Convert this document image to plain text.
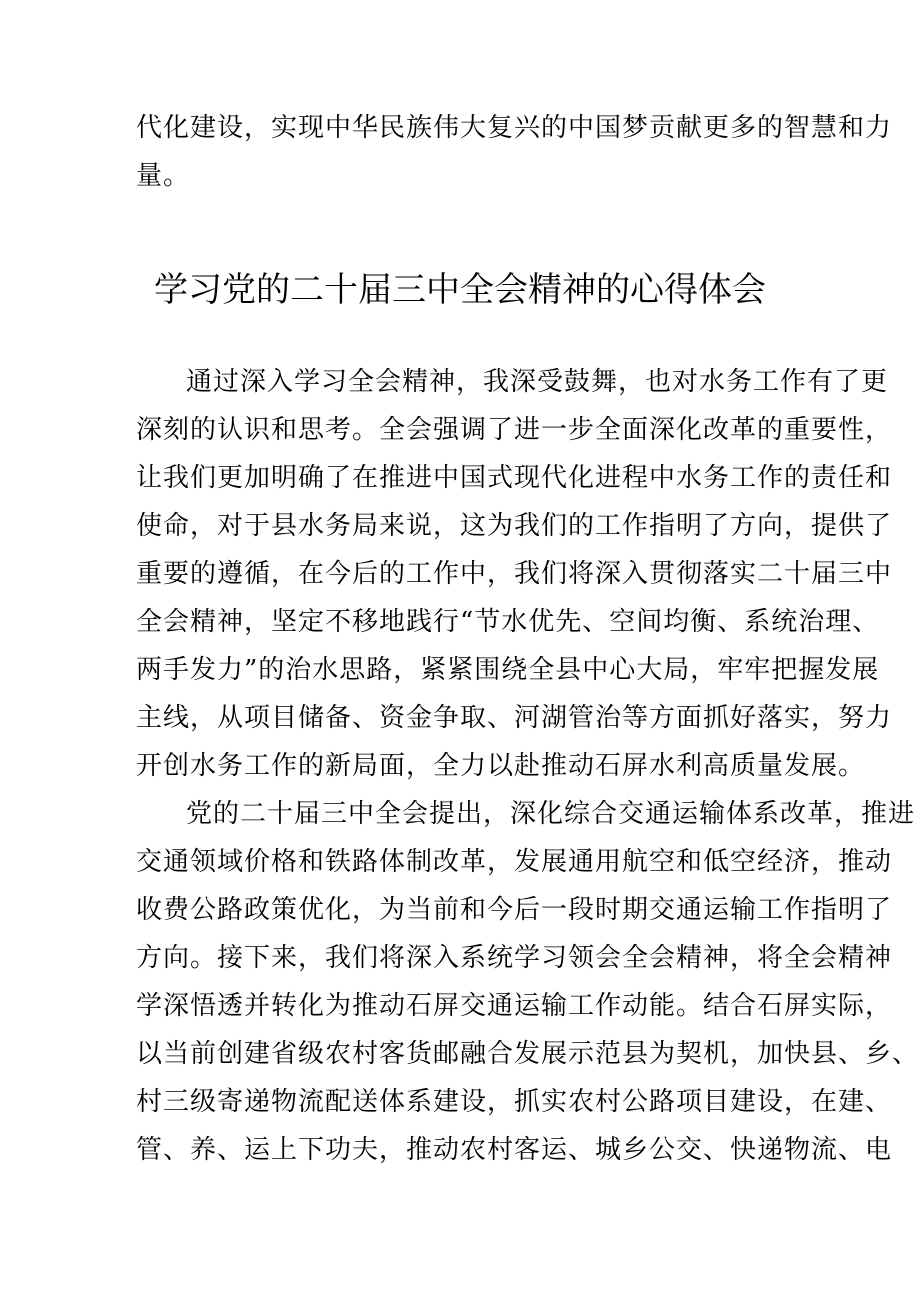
代化建设，实现中华民族伟大复兴的中国梦贡献更多的智慧和力
量。
学习党的二十届三中全会精神的心得体会
通过深入学习全会精神，我深受鼓舞，也对水务工作有了更
深刻的认识和思考。全会强调了进一步全面深化改革的重要性，
让我们更加明确了在推进中国式现代化进程中水务工作的责任和
使命，对于县水务局来说，这为我们的工作指明了方向，提供了
重要的遵循，在今后的工作中，我们将深入贯彻落实二十届三中
全会精神，坚定不移地践行“节水优先、空间均衡、系统治理、
两手发力”的治水思路，紧紧围绕全县中心大局，牢牢把握发展
主线，从项目储备、资金争取、河湖管治等方面抓好落实，努力
开创水务工作的新局面，全力以赴推动石屏水利高质量发展。
党的二十届三中全会提出，深化综合交通运输体系改革，推进
交通领域价格和铁路体制改革，发展通用航空和低空经济，推动
收费公路政策优化，为当前和今后一段时期交通运输工作指明了
方向。接下来，我们将深入系统学习领会全会精神，将全会精神
学深悟透并转化为推动石屏交通运输工作动能。结合石屏实际，
以当前创建省级农村客货邮融合发展示范县为契机，加快县、乡、
村三级寄递物流配送体系建设，抓实农村公路项目建设，在建、
管、养、运上下功夫，推动农村客运、城乡公交、快递物流、电
